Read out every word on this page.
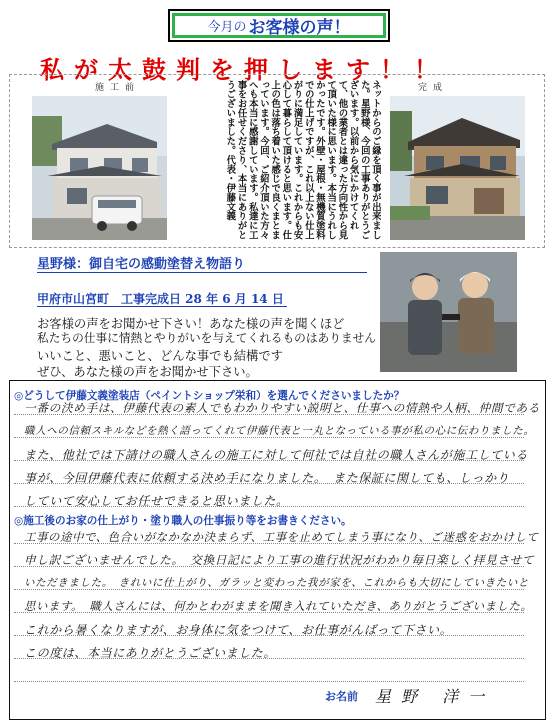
今月の お客様の声！
私が太鼓判を押します！！
施工前	完成
ネットからのご縁を頂く事が出来ました。星野様、今回の工事ありがとうございます。以前から気にかけてくれて、他の業者とは違った方向性から見て頂いた様に思います。本当にうれしかったです。外壁・屋根・無機質塗料での仕上げですが、これ以上ない仕上がりに満足しています。これからも安心して暮らして頂けると思います。仕上の色は落ち着いた感じで良くまとまっています。今回、ご紹介頂いた方々へも本当に感謝しています。私達に工事をお任せくださり、本当にありがとうございました。代表・伊藤文義
星野様：御自宅の感動塗替え物語り
甲府市山宮町　工事完成日 28 年 6 月 14 日
お客様の声をお聞かせ下さい！あなた様の声を聞くほど
私たちの仕事に情熱とやりがいを与えてくれるものはありません
いいこと、悪いこと、どんな事でも結構です
ぜひ、あなた様の声をお聞かせ下さい。
◎どうして伊藤文義塗装店（ペイントショップ栄和）を選んでくださいましたか？
一番の決め手は、伊藤代表の素人でもわかりやすい説明と、仕事への情熱や人柄、仲間である
職人への信頼スキルなどを熱く語ってくれて伊藤代表と一丸となっている事が私の心に伝わりました。
また、他社では下請けの職人さんの施工に対して何社では自社の職人さんが施工している
事が、今回伊藤代表に依頼する決め手になりました。　また保証に関しても、しっかり
していて安心してお任せできると思いました。
◎施工後のお家の仕上がり・塗り職人の仕事振り等をお書きください。
工事の途中で、色合いがなかなか決まらず、工事を止めてしまう事になり、ご迷惑をおかけして
申し訳ございませんでした。　交換日記により工事の進行状況がわかり毎日楽しく拝見させて
いただきました。　きれいに仕上がり、ガラッと変わった我が家を、これからも大切にしていきたいと
思います。　職人さんには、何かとわがままを聞き入れていただき、ありがとうございました。
これから暑くなりますが、お身体に気をつけて、お仕事がんばって下さい。
この度は、本当にありがとうございました。
お名前 星野 洋一
